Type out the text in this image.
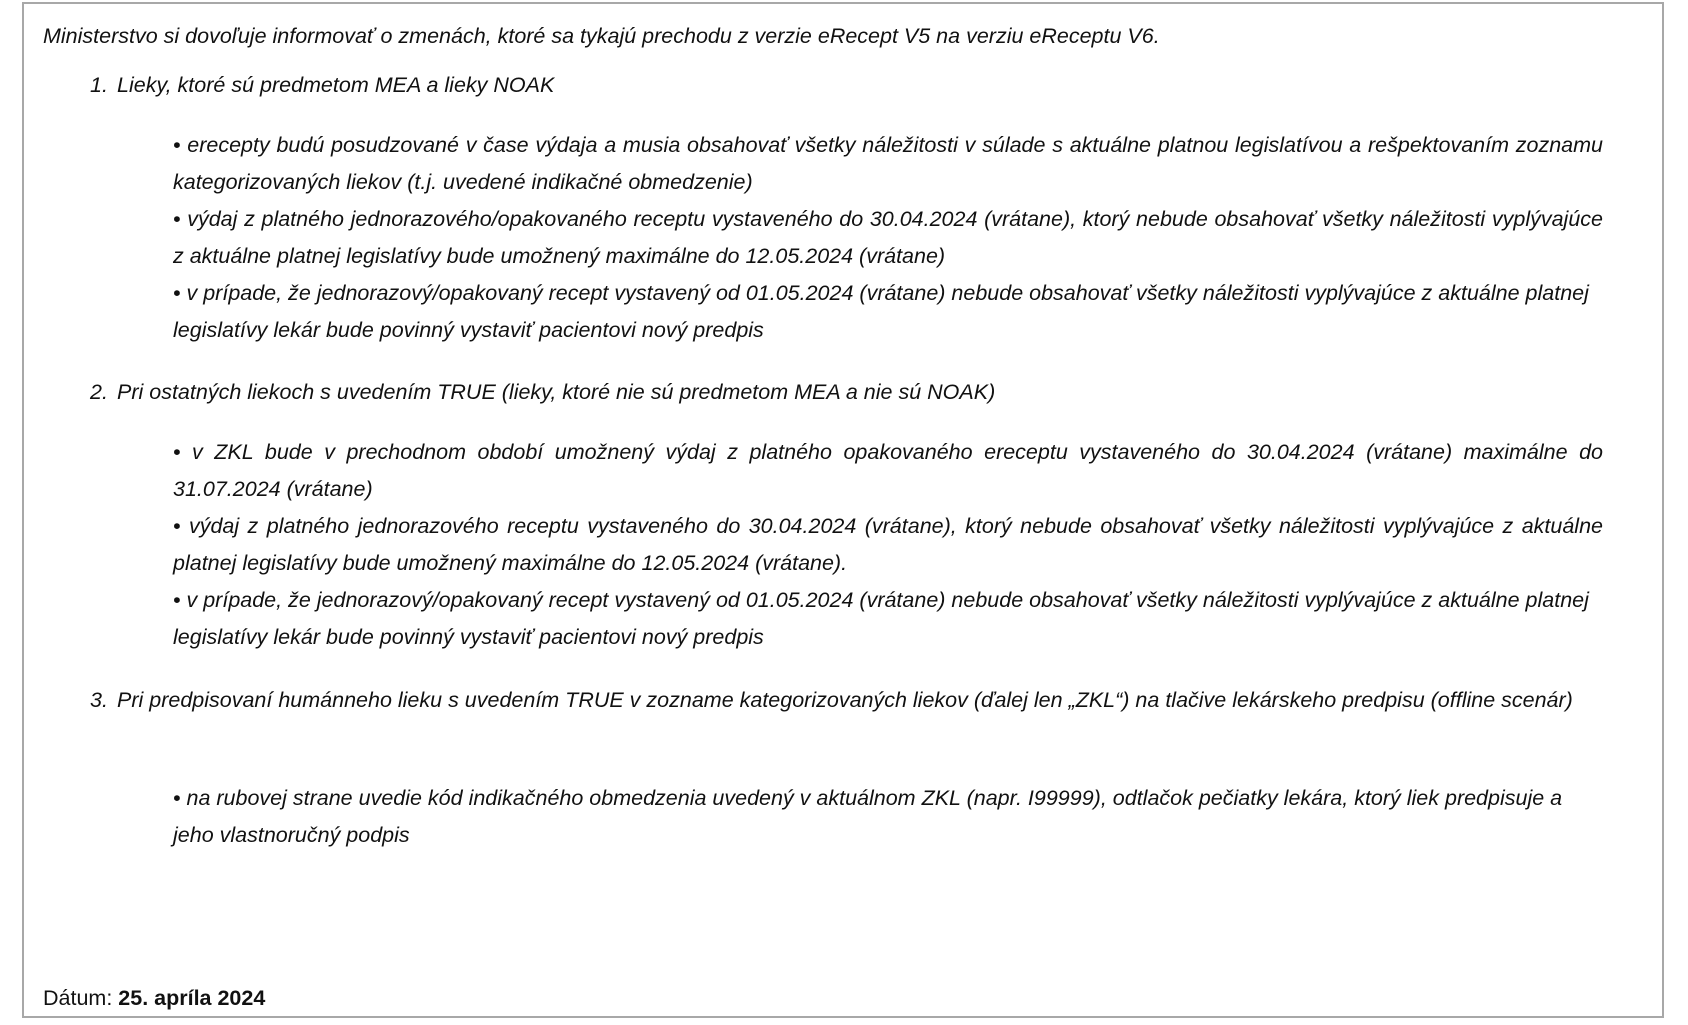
Ministerstvo si dovoľuje informovať o zmenách, ktoré sa tykajú prechodu z verzie eRecept V5 na verziu eReceptu V6.
1. Lieky, ktoré sú predmetom MEA a lieky NOAK
• erecepty budú posudzované v čase výdaja a musia obsahovať všetky náležitosti v súlade s aktuálne platnou legislatívou a rešpektovaním zoznamu kategorizovaných liekov (t.j. uvedené indikačné obmedzenie)
• výdaj z platného jednorazového/opakovaného receptu vystaveného do 30.04.2024 (vrátane), ktorý nebude obsahovať všetky náležitosti vyplývajúce z aktuálne platnej legislatívy bude umožnený maximálne do 12.05.2024 (vrátane)
• v prípade, že jednorazový/opakovaný recept vystavený od 01.05.2024 (vrátane) nebude obsahovať všetky náležitosti vyplývajúce z aktuálne platnej legislatívy lekár bude povinný vystaviť pacientovi nový predpis
2. Pri ostatných liekoch s uvedením TRUE (lieky, ktoré nie sú predmetom MEA a nie sú NOAK)
• v ZKL bude v prechodnom období umožnený výdaj z platného opakovaného ereceptu vystaveného do 30.04.2024 (vrátane) maximálne do 31.07.2024 (vrátane)
• výdaj z platného jednorazového receptu vystaveného do 30.04.2024 (vrátane), ktorý nebude obsahovať všetky náležitosti vyplývajúce z aktuálne platnej legislatívy bude umožnený maximálne do 12.05.2024 (vrátane).
• v prípade, že jednorazový/opakovaný recept vystavený od 01.05.2024 (vrátane) nebude obsahovať všetky náležitosti vyplývajúce z aktuálne platnej legislatívy lekár bude povinný vystaviť pacientovi nový predpis
3. Pri predpisovaní humánneho lieku s uvedením TRUE v zozname kategorizovaných liekov (ďalej len „ZKL“) na tlačive lekárskeho predpisu (offline scenár)
• na rubovej strane uvedie kód indikačného obmedzenia uvedený v aktuálnom ZKL (napr. I99999), odtlačok pečiatky lekára, ktorý liek predpisuje a jeho vlastnoručný podpis
Dátum: 25. apríla 2024
